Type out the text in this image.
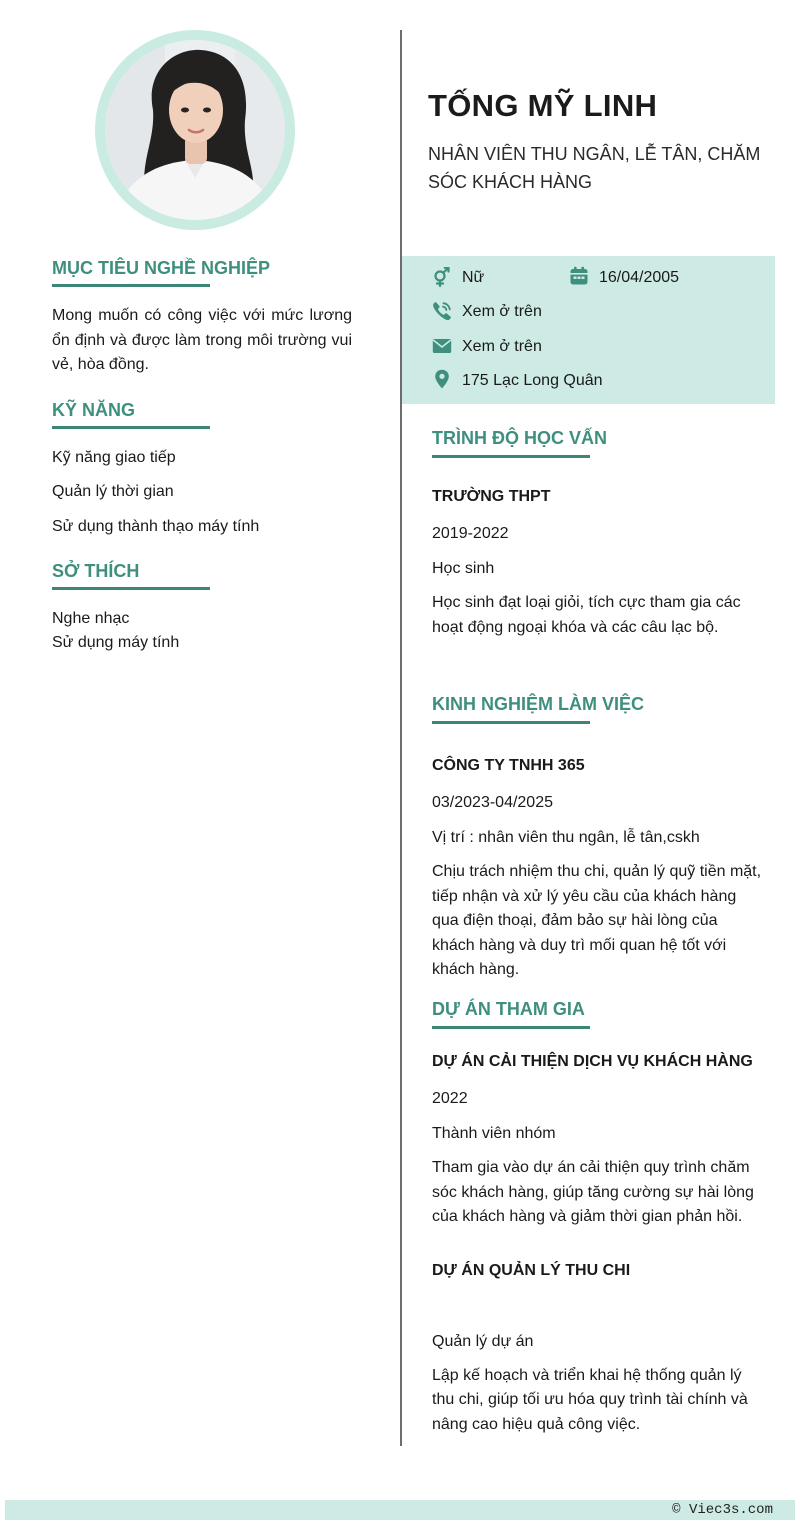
MỤC TIÊU NGHỀ NGHIỆP
Mong muốn có công việc với mức lương ổn định và được làm trong môi trường vui vẻ, hòa đồng.
KỸ NĂNG
Kỹ năng giao tiếp
Quản lý thời gian
Sử dụng thành thạo máy tính
SỞ THÍCH
Nghe nhạc
Sử dụng máy tính
TỐNG MỸ LINH
NHÂN VIÊN THU NGÂN, LỄ TÂN, CHĂM SÓC KHÁCH HÀNG
Nữ	16/04/2005
Xem ở trên
Xem ở trên
175 Lạc Long Quân
TRÌNH ĐỘ HỌC VẤN
TRƯỜNG THPT
2019-2022
Học sinh
Học sinh đạt loại giỏi, tích cực tham gia các hoạt động ngoại khóa và các câu lạc bộ.
KINH NGHIỆM LÀM VIỆC
CÔNG TY TNHH 365
03/2023-04/2025
Vị trí : nhân viên thu ngân, lễ tân,cskh
Chịu trách nhiệm thu chi, quản lý quỹ tiền mặt, tiếp nhận và xử lý yêu cầu của khách hàng qua điện thoại, đảm bảo sự hài lòng của khách hàng và duy trì mối quan hệ tốt với khách hàng.
DỰ ÁN THAM GIA
DỰ ÁN CẢI THIỆN DỊCH VỤ KHÁCH HÀNG
2022
Thành viên nhóm
Tham gia vào dự án cải thiện quy trình chăm sóc khách hàng, giúp tăng cường sự hài lòng của khách hàng và giảm thời gian phản hồi.
DỰ ÁN QUẢN LÝ THU CHI
Quản lý dự án
Lập kế hoạch và triển khai hệ thống quản lý thu chi, giúp tối ưu hóa quy trình tài chính và nâng cao hiệu quả công việc.
© Viec3s.com
